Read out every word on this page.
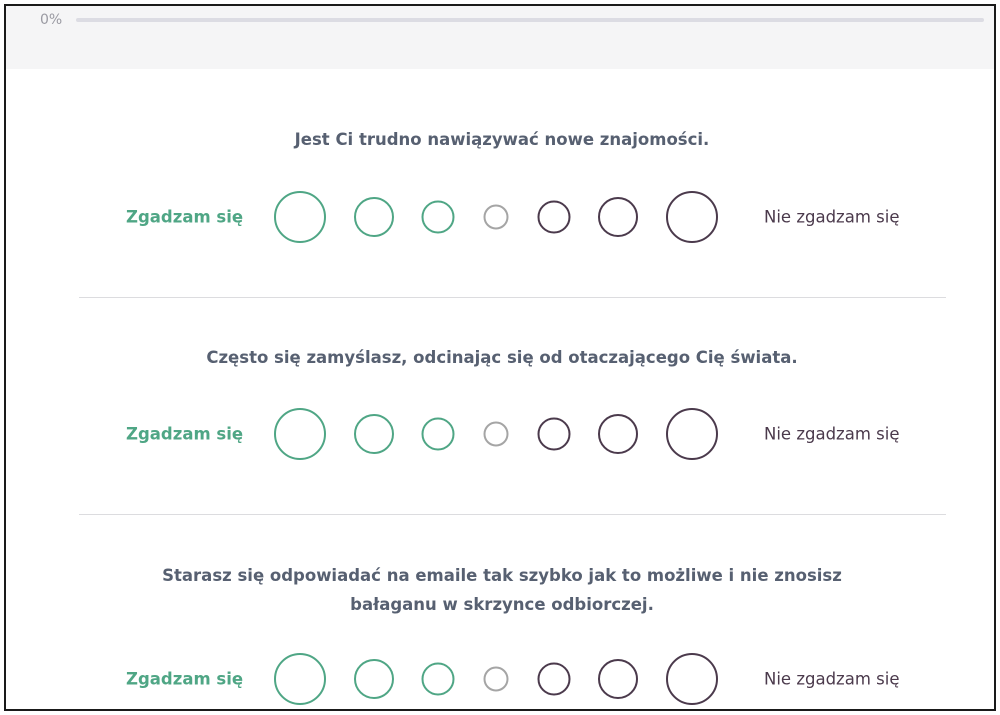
0%
Jest Ci trudno nawiązywać nowe znajomości.
Zgadzam się	Nie zgadzam się
Często się zamyślasz, odcinając się od otaczającego Cię świata.
Zgadzam się	Nie zgadzam się
Starasz się odpowiadać na emaile tak szybko jak to możliwe i nie znosisz bałaganu w skrzynce odbiorczej.
Zgadzam się	Nie zgadzam się
